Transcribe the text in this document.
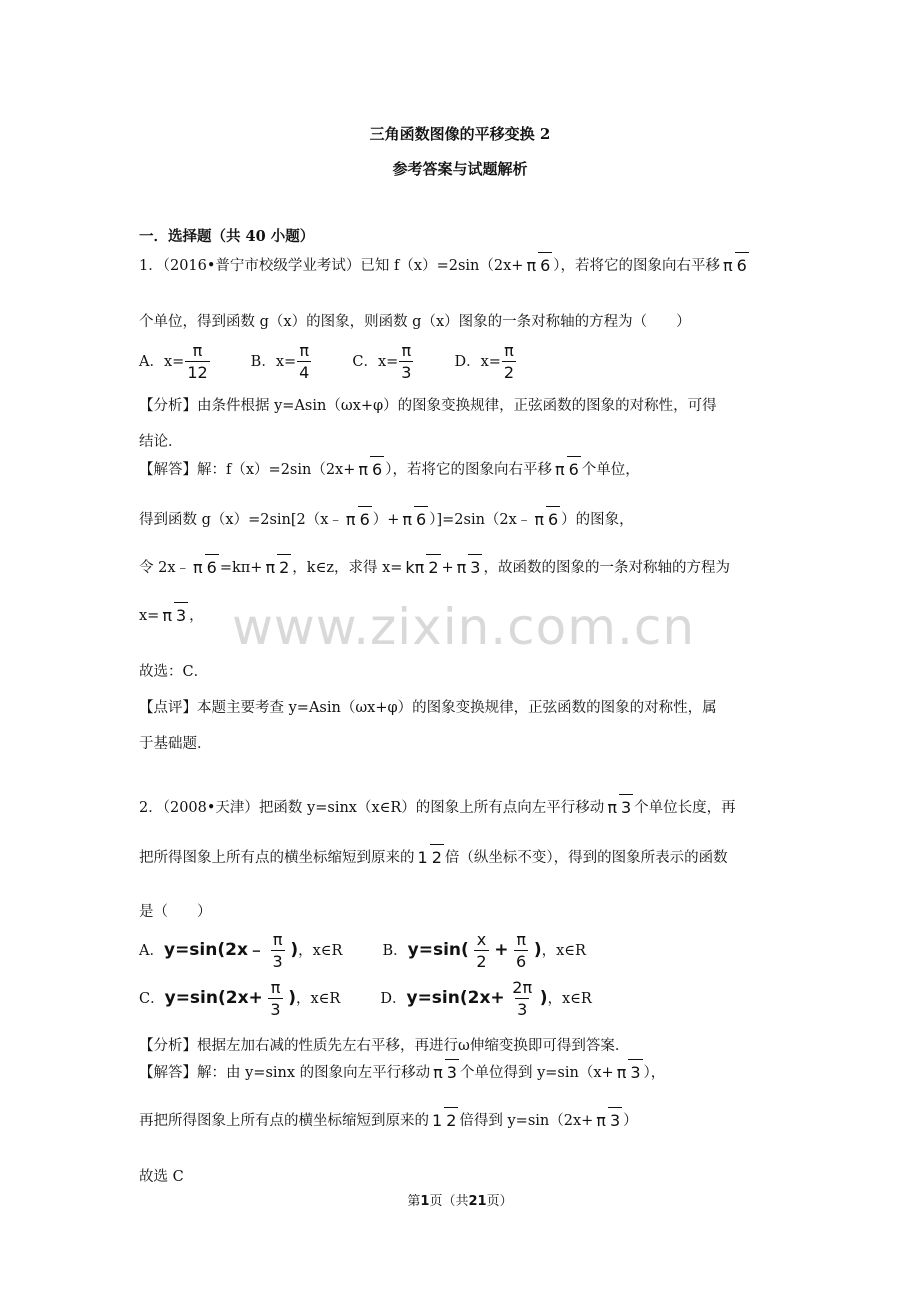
www.zixin.com.cn
三角函数图像的平移变换 2
参考答案与试题解析
一．选择题（共 40 小题）
1．（2016•普宁市校级学业考试）已知 f（x）=2sin（2x+ π 6 ），若将它的图象向右平移 π 6
个单位，得到函数 g（x）的图象，则函数 g（x）图象的一条对称轴的方程为（　　）
A．$x= \frac{\pi}{12}$	B．$x= \frac{\pi}{4}$	C．$x= \frac{\pi}{3}$	D．$x= \frac{\pi}{2}$
【分析】由条件根据 y=Asin（ωx+φ）的图象变换规律，正弦函数的图象的对称性，可得
结论．
【解答】解：f（x）=2sin（2x+ π 6 ），若将它的图象向右平移 π 6 个单位，
得到函数 g（x）=2sin[2（x﹣ π 6 ）+ π 6 ）]=2sin（2x﹣ π 6 ）的图象，
令 2x﹣ π 6 =kπ+ π 2 ，k∈z，求得 x= kπ 2 + π 3 ，故函数的图象的一条对称轴的方程为
x= π 3 ，
故选：C．
【点评】本题主要考查 y=Asin（ωx+φ）的图象变换规律，正弦函数的图象的对称性，属
于基础题．
2．（2008•天津）把函数 y=sinx（x∈R）的图象上所有点向左平行移动 π 3 个单位长度，再
把所得图象上所有点的横坐标缩短到原来的 1 2 倍（纵坐标不变），得到的图象所表示的函数
是（　　）
A．y=sin(2x﹣ $\frac{\pi}{3}$ )，x∈R	B．$y=\sin( \frac{x}{2} + \frac{\pi}{6}$ )，x∈R
C．$y=\sin(2x+ \frac{\pi}{3}$ )，x∈R	D．$y=\sin(2x+ \frac{2\pi}{3}$ )，x∈R
【分析】根据左加右减的性质先左右平移，再进行ω伸缩变换即可得到答案．
【解答】解：由 y=sinx 的图象向左平行移动 π 3 个单位得到 y=sin（x+ π 3 ），
再把所得图象上所有点的横坐标缩短到原来的 1 2 倍得到 y=sin（2x+ π 3 ）
故选 C
第1页（共21页）
